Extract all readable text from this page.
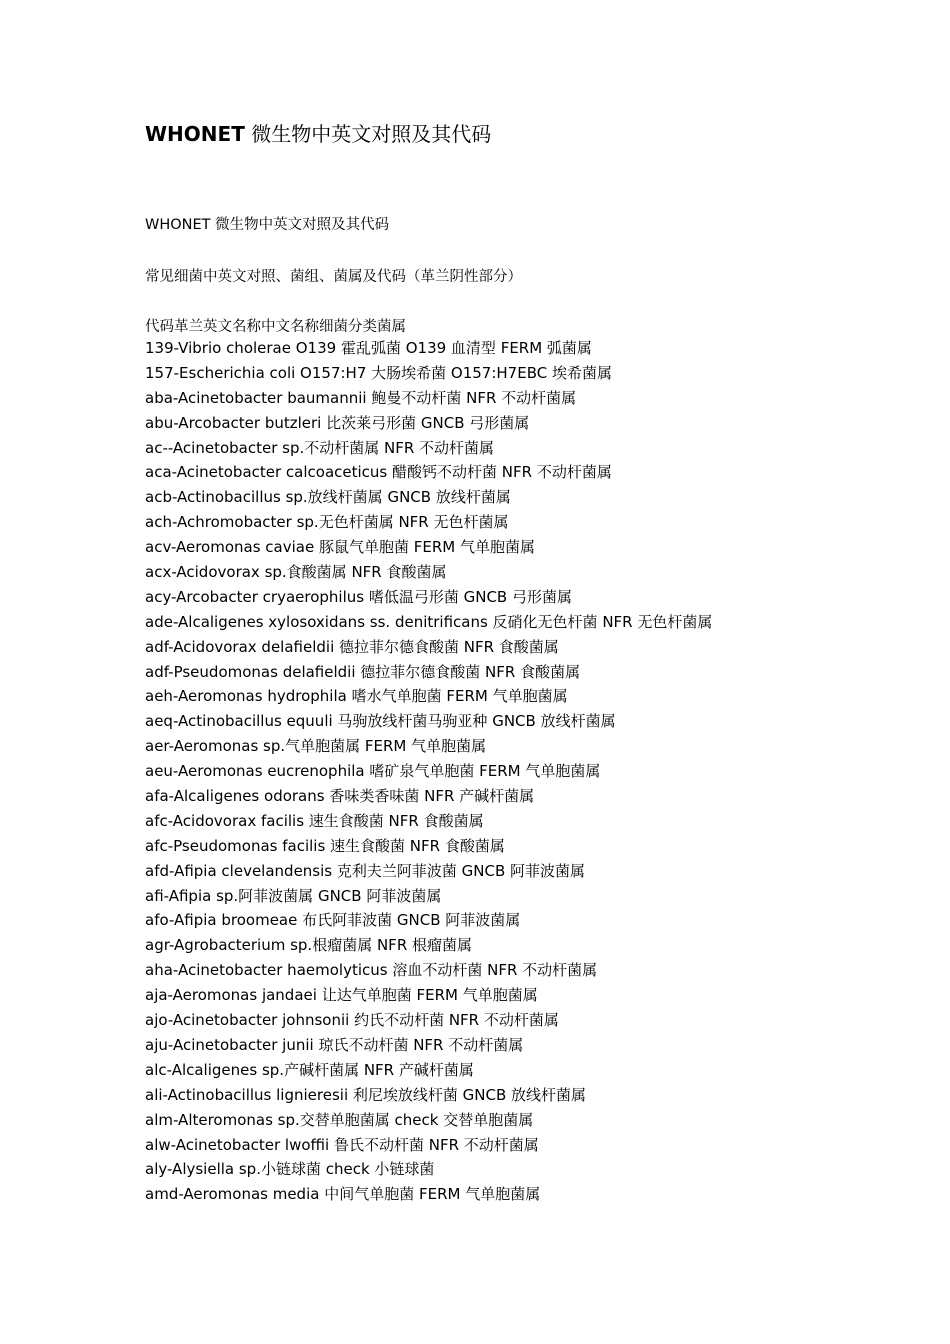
WHONET 微生物中英文对照及其代码
WHONET 微生物中英文对照及其代码
常见细菌中英文对照、菌组、菌属及代码（革兰阴性部分）
代码革兰英文名称中文名称细菌分类菌属
139-Vibrio cholerae O139 霍乱弧菌 O139 血清型 FERM 弧菌属
157-Escherichia coli O157:H7 大肠埃希菌 O157:H7EBC 埃希菌属
aba-Acinetobacter baumannii 鲍曼不动杆菌 NFR 不动杆菌属
abu-Arcobacter butzleri 比茨莱弓形菌 GNCB 弓形菌属
ac--Acinetobacter sp.不动杆菌属 NFR 不动杆菌属
aca-Acinetobacter calcoaceticus 醋酸钙不动杆菌 NFR 不动杆菌属
acb-Actinobacillus sp.放线杆菌属 GNCB 放线杆菌属
ach-Achromobacter sp.无色杆菌属 NFR 无色杆菌属
acv-Aeromonas caviae 豚鼠气单胞菌 FERM 气单胞菌属
acx-Acidovorax sp.食酸菌属 NFR 食酸菌属
acy-Arcobacter cryaerophilus 嗜低温弓形菌 GNCB 弓形菌属
ade-Alcaligenes xylosoxidans ss. denitrificans 反硝化无色杆菌 NFR 无色杆菌属
adf-Acidovorax delafieldii 德拉菲尔德食酸菌 NFR 食酸菌属
adf-Pseudomonas delafieldii 德拉菲尔德食酸菌 NFR 食酸菌属
aeh-Aeromonas hydrophila 嗜水气单胞菌 FERM 气单胞菌属
aeq-Actinobacillus equuli 马驹放线杆菌马驹亚种 GNCB 放线杆菌属
aer-Aeromonas sp.气单胞菌属 FERM 气单胞菌属
aeu-Aeromonas eucrenophila 嗜矿泉气单胞菌 FERM 气单胞菌属
afa-Alcaligenes odorans 香味类香味菌 NFR 产碱杆菌属
afc-Acidovorax facilis 速生食酸菌 NFR 食酸菌属
afc-Pseudomonas facilis 速生食酸菌 NFR 食酸菌属
afd-Afipia clevelandensis 克利夫兰阿菲波菌 GNCB 阿菲波菌属
afi-Afipia sp.阿菲波菌属 GNCB 阿菲波菌属
afo-Afipia broomeae 布氏阿菲波菌 GNCB 阿菲波菌属
agr-Agrobacterium sp.根瘤菌属 NFR 根瘤菌属
aha-Acinetobacter haemolyticus 溶血不动杆菌 NFR 不动杆菌属
aja-Aeromonas jandaei 让达气单胞菌 FERM 气单胞菌属
ajo-Acinetobacter johnsonii 约氏不动杆菌 NFR 不动杆菌属
aju-Acinetobacter junii 琼氏不动杆菌 NFR 不动杆菌属
alc-Alcaligenes sp.产碱杆菌属 NFR 产碱杆菌属
ali-Actinobacillus lignieresii 利尼埃放线杆菌 GNCB 放线杆菌属
alm-Alteromonas sp.交替单胞菌属 check 交替单胞菌属
alw-Acinetobacter lwoffii 鲁氏不动杆菌 NFR 不动杆菌属
aly-Alysiella sp.小链球菌 check 小链球菌
amd-Aeromonas media 中间气单胞菌 FERM 气单胞菌属
